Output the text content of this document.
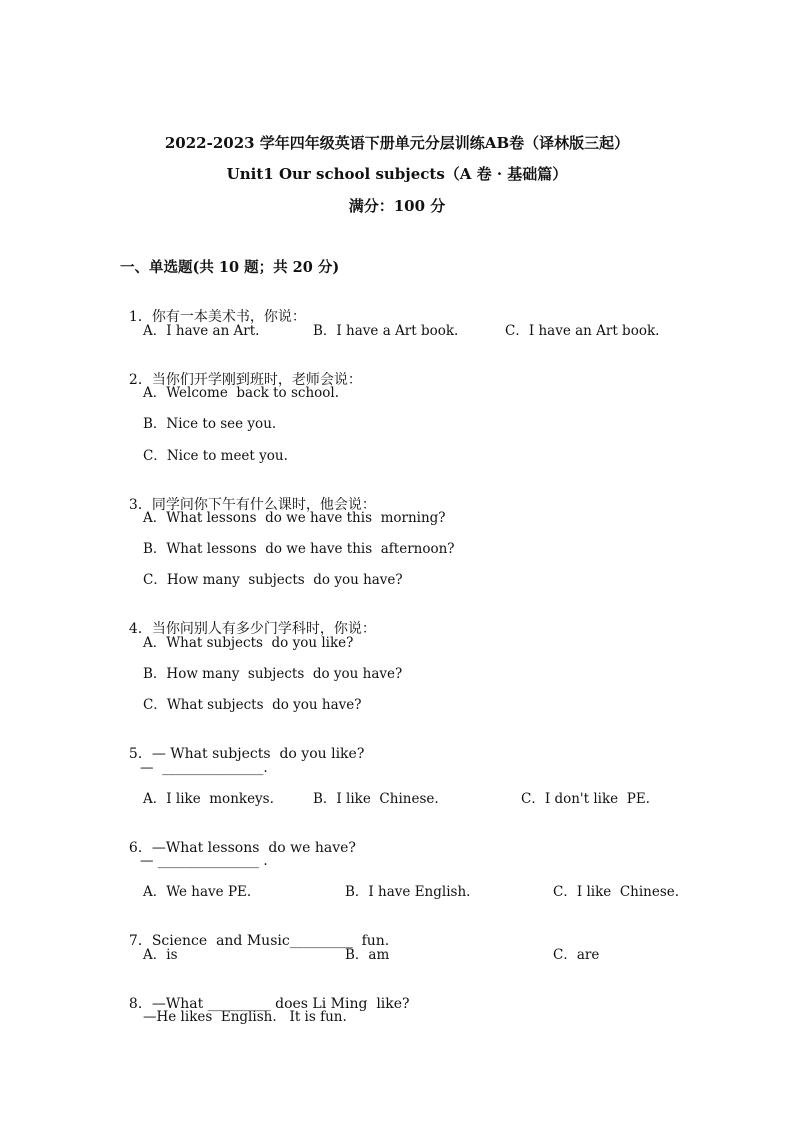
2022-2023 学年四年级英语下册单元分层训练AB卷（译林版三起）
Unit1 Our school subjects（A 卷 · 基础篇）
满分：100 分
一、单选题(共 10 题；共 20 分)

1．你有一本美术书，你说：

A．I have an Art.	B．I have a Art book.	C．I have an Art book.

2．当你们开学刚到班时，老师会说：

A．Welcome  back to school.
B．Nice to see you.
C．Nice to meet you.

3．同学问你下午有什么课时，他会说：

A．What lessons  do we have this  morning?
B．What lessons  do we have this  afternoon?
C．How many  subjects  do you have?

4．当你问别人有多少门学科时，你说：

A．What subjects  do you like?
B．How many  subjects  do you have?
C．What subjects  do you have?

5．— What subjects  do you like?

—  _______________.
A．I like  monkeys.	B．I like  Chinese.	C．I don't like  PE.

6．—What lessons  do we have?

— _______________ .
A．We have PE.	B．I have English.	C．I like  Chinese.

7．Science  and Music_________  fun.

A．is	B．am	C．are

8．—What _________ does Li Ming  like?

—He likes  English.   It is fun.
